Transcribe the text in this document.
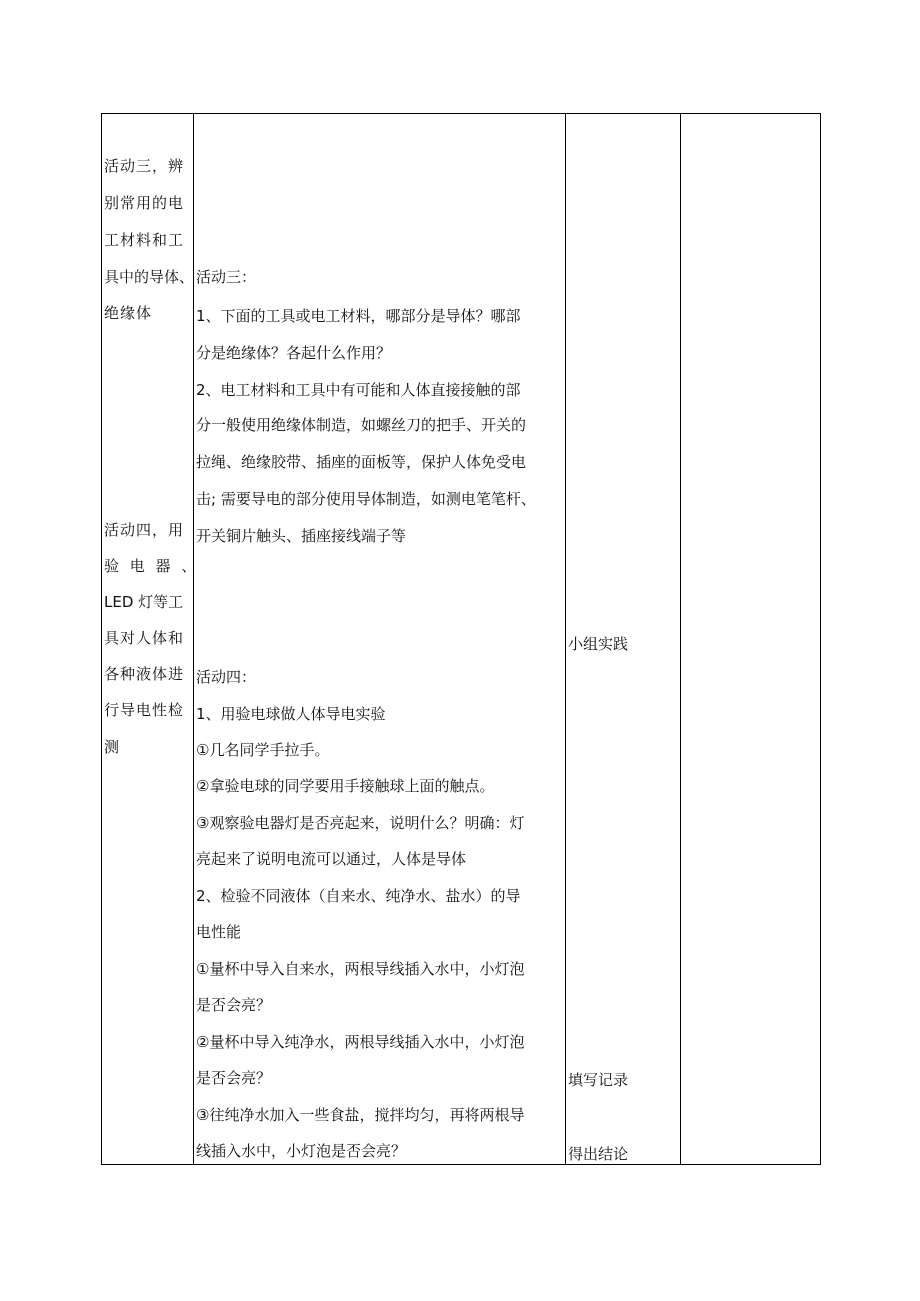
活动三，辨
别常用的电
工材料和工
具中的导体、
绝缘体
活动四，用
验 电 器 、
LED 灯等工
具对人体和
各种液体进
行导电性检
测
活动三：
1、下面的工具或电工材料，哪部分是导体？哪部
分是绝缘体？各起什么作用？
2、电工材料和工具中有可能和人体直接接触的部
分一般使用绝缘体制造，如螺丝刀的把手、开关的
拉绳、绝缘胶带、插座的面板等，保护人体免受电
击; 需要导电的部分使用导体制造，如测电笔笔杆、
开关铜片触头、插座接线端子等
活动四：
1、用验电球做人体导电实验
①几名同学手拉手。
②拿验电球的同学要用手接触球上面的触点。
③观察验电器灯是否亮起来，说明什么？明确：灯
亮起来了说明电流可以通过，人体是导体
2、检验不同液体（自来水、纯净水、盐水）的导
电性能
①量杯中导入自来水，两根导线插入水中，小灯泡
是否会亮？
②量杯中导入纯净水，两根导线插入水中，小灯泡
是否会亮？
③往纯净水加入一些食盐，搅拌均匀，再将两根导
线插入水中，小灯泡是否会亮？
小组实践
填写记录
得出结论
